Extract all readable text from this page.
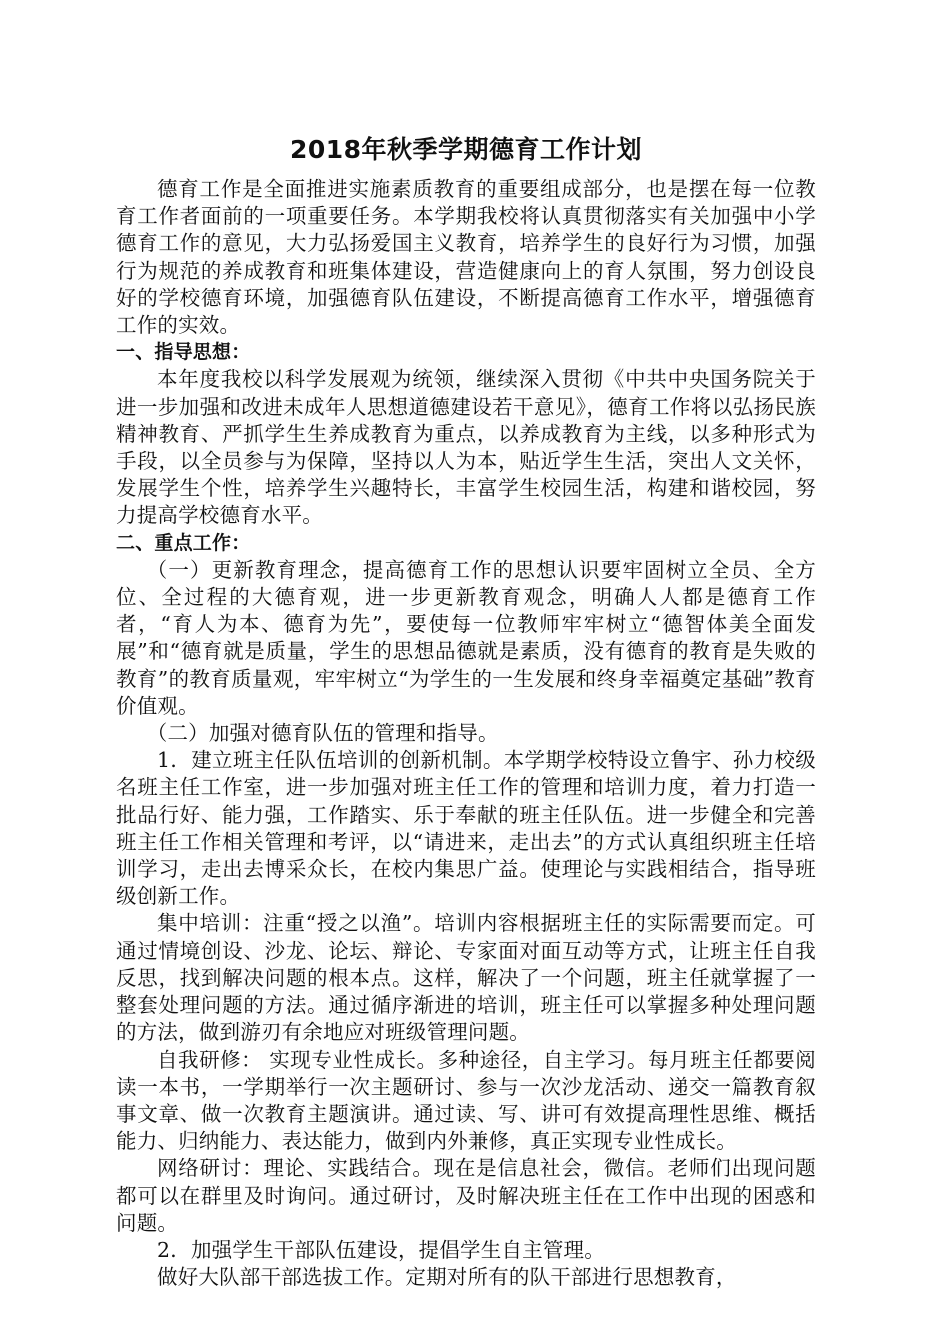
2018年秋季学期德育工作计划

德育工作是全面推进实施素质教育的重要组成部分，也是摆在每一位教育工作者面前的一项重要任务。本学期我校将认真贯彻落实有关加强中小学德育工作的意见，大力弘扬爱国主义教育，培养学生的良好行为习惯，加强行为规范的养成教育和班集体建设，营造健康向上的育人氛围，努力创设良好的学校德育环境，加强德育队伍建设，不断提高德育工作水平，增强德育工作的实效。

一、指导思想：

本年度我校以科学发展观为统领，继续深入贯彻《中共中央国务院关于进一步加强和改进未成年人思想道德建设若干意见》，德育工作将以弘扬民族精神教育、严抓学生生养成教育为重点，以养成教育为主线，以多种形式为手段，以全员参与为保障，坚持以人为本，贴近学生生活，突出人文关怀，发展学生个性，培养学生兴趣特长，丰富学生校园生活，构建和谐校园，努力提高学校德育水平。

二、重点工作：

（一）更新教育理念，提高德育工作的思想认识要牢固树立全员、全方位、全过程的大德育观，进一步更新教育观念，明确人人都是德育工作者，“育人为本、德育为先”，要使每一位教师牢牢树立“德智体美全面发展”和“德育就是质量，学生的思想品德就是素质，没有德育的教育是失败的教育”的教育质量观，牢牢树立“为学生的一生发展和终身幸福奠定基础”教育价值观。

（二）加强对德育队伍的管理和指导。

1．建立班主任队伍培训的创新机制。本学期学校特设立鲁宇、孙力校级名班主任工作室，进一步加强对班主任工作的管理和培训力度，着力打造一批品行好、能力强，工作踏实、乐于奉献的班主任队伍。进一步健全和完善班主任工作相关管理和考评，以“请进来，走出去”的方式认真组织班主任培训学习，走出去博采众长，在校内集思广益。使理论与实践相结合，指导班级创新工作。

集中培训：注重“授之以渔”。培训内容根据班主任的实际需要而定。可通过情境创设、沙龙、论坛、辩论、专家面对面互动等方式，让班主任自我反思，找到解决问题的根本点。这样，解决了一个问题，班主任就掌握了一整套处理问题的方法。通过循序渐进的培训，班主任可以掌握多种处理问题的方法，做到游刃有余地应对班级管理问题。

自我研修： 实现专业性成长。多种途径，自主学习。每月班主任都要阅读一本书，一学期举行一次主题研讨、参与一次沙龙活动、递交一篇教育叙事文章、做一次教育主题演讲。通过读、写、讲可有效提高理性思维、概括能力、归纳能力、表达能力，做到内外兼修，真正实现专业性成长。

网络研讨：理论、实践结合。现在是信息社会，微信。老师们出现问题都可以在群里及时询问。通过研讨，及时解决班主任在工作中出现的困惑和问题。

2．加强学生干部队伍建设，提倡学生自主管理。

做好大队部干部选拔工作。定期对所有的队干部进行思想教育，
